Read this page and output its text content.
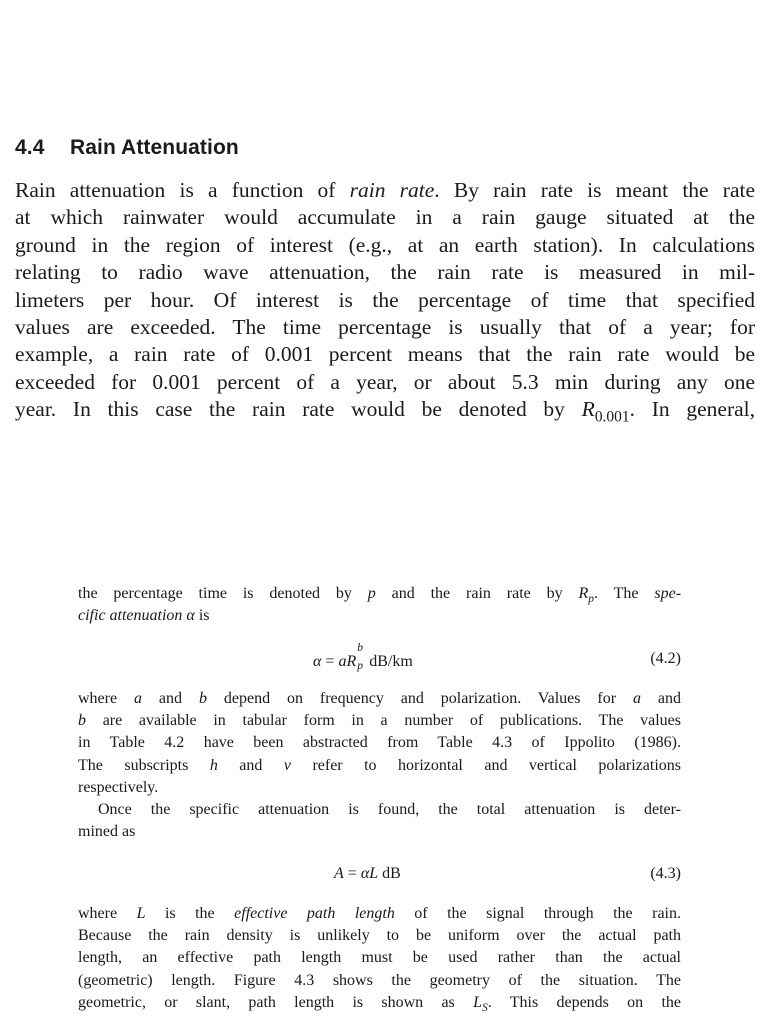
4.4 Rain Attenuation
Rain attenuation is a function of rain rate. By rain rate is meant the rate
at which rainwater would accumulate in a rain gauge situated at the
ground in the region of interest (e.g., at an earth station). In calculations
relating to radio wave attenuation, the rain rate is measured in mil-
limeters per hour. Of interest is the percentage of time that specified
values are exceeded. The time percentage is usually that of a year; for
example, a rain rate of 0.001 percent means that the rain rate would be
exceeded for 0.001 percent of a year, or about 5.3 min during any one
year. In this case the rain rate would be denoted by $R_{0.001}$. In general,
the percentage time is denoted by p and the rain rate by $R_p$. The spe-
cific attenuation α is
α = aR
b
p dB/km	(4.2)
where a and b depend on frequency and polarization. Values for a and
b are available in tabular form in a number of publications. The values
in Table 4.2 have been abstracted from Table 4.3 of Ippolito (1986).
The subscripts h and v refer to horizontal and vertical polarizations
respectively.
Once the specific attenuation is found, the total attenuation is deter-
mined as
A = αL dB	(4.3)
where L is the effective path length of the signal through the rain.
Because the rain density is unlikely to be uniform over the actual path
length, an effective path length must be used rather than the actual
(geometric) length. Figure 4.3 shows the geometry of the situation. The
geometric, or slant, path length is shown as $L_S$. This depends on the
